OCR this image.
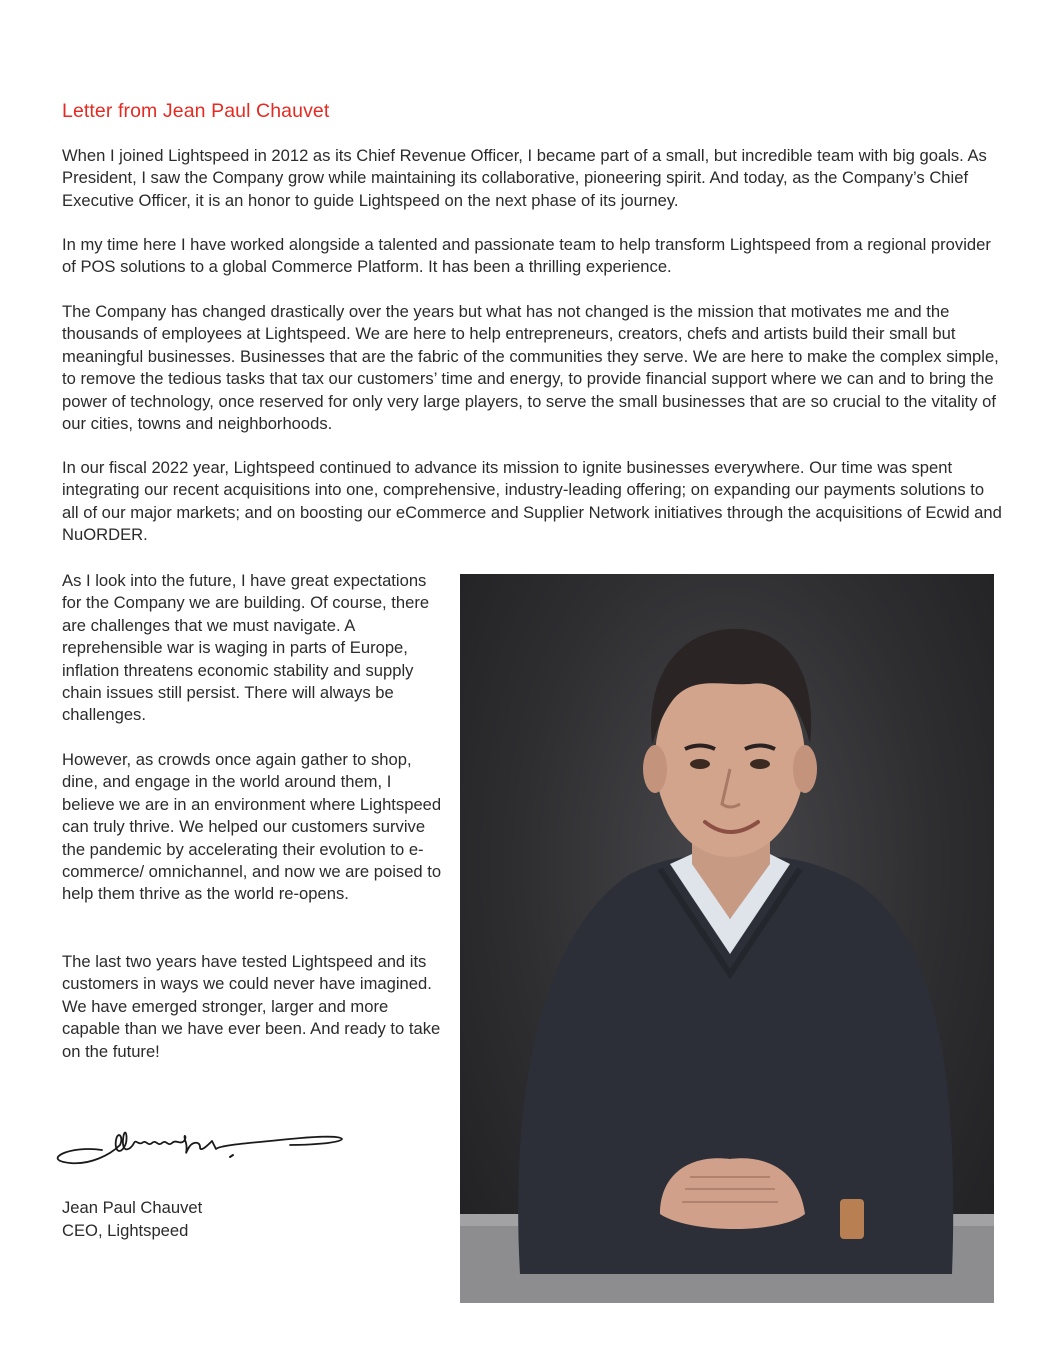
Letter from Jean Paul Chauvet

When I joined Lightspeed in 2012 as its Chief Revenue Officer, I became part of a small, but incredible team with big goals. As President, I saw the Company grow while maintaining its collaborative, pioneering spirit. And today, as the Company’s Chief Executive Officer, it is an honor to guide Lightspeed on the next phase of its journey.

In my time here I have worked alongside a talented and passionate team to help transform Lightspeed from a regional provider of POS solutions to a global Commerce Platform. It has been a thrilling experience.

The Company has changed drastically over the years but what has not changed is the mission that motivates me and the thousands of employees at Lightspeed. We are here to help entrepreneurs, creators, chefs and artists build their small but meaningful businesses. Businesses that are the fabric of the communities they serve. We are here to make the complex simple, to remove the tedious tasks that tax our customers’ time and energy, to provide financial support where we can and to bring the power of technology, once reserved for only very large players, to serve the small businesses that are so crucial to the vitality of our cities, towns and neighborhoods.

In our fiscal 2022 year, Lightspeed continued to advance its mission to ignite businesses everywhere. Our time was spent integrating our recent acquisitions into one, comprehensive, industry-leading offering; on expanding our payments solutions to all of our major markets; and on boosting our eCommerce and Supplier Network initiatives through the acquisitions of Ecwid and NuORDER.

As I look into the future, I have great expectations for the Company we are building. Of course, there are challenges that we must navigate. A reprehensible war is waging in parts of Europe, inflation threatens economic stability and supply chain issues still persist. There will always be challenges.

However, as crowds once again gather to shop, dine, and engage in the world around them, I believe we are in an environment where Lightspeed can truly thrive. We helped our customers survive the pandemic by accelerating their evolution to e-commerce/ omnichannel, and now we are poised to help them thrive as the world re-opens.

The last two years have tested Lightspeed and its customers in ways we could never have imagined. We have emerged stronger, larger and more capable than we have ever been. And ready to take on the future!

Jean Paul Chauvet
CEO, Lightspeed
